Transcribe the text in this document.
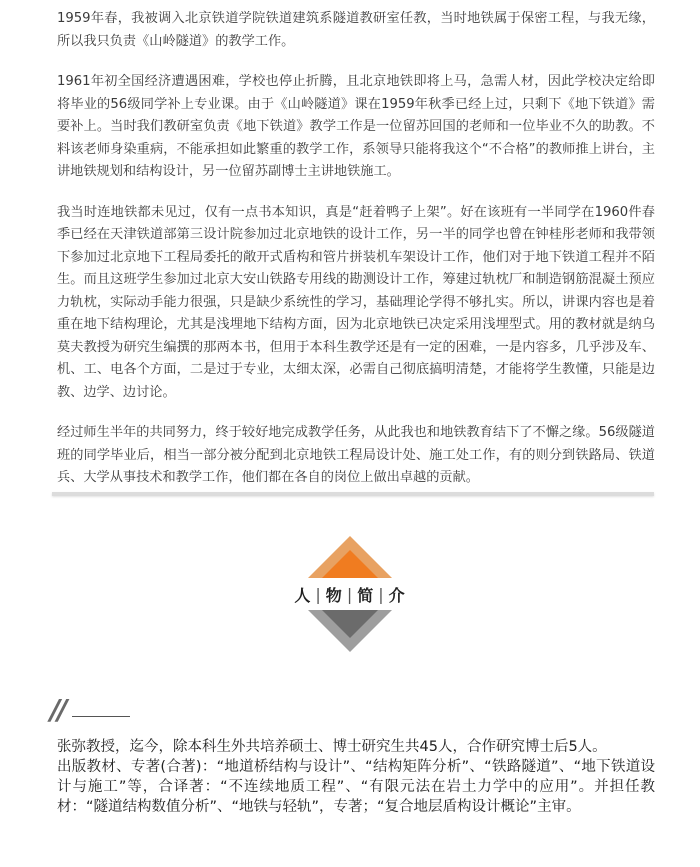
1959年春，我被调入北京铁道学院铁道建筑系隧道教研室任教，当时地铁属于保密工程，与我无缘，所以我只负责《山岭隧道》的教学工作。

1961年初全国经济遭遇困难，学校也停止折腾，且北京地铁即将上马，急需人材，因此学校决定给即将毕业的56级同学补上专业课。由于《山岭隧道》课在1959年秋季已经上过，只剩下《地下铁道》需要补上。当时我们教研室负责《地下铁道》教学工作是一位留苏回国的老师和一位毕业不久的助教。不料该老师身染重病，不能承担如此繁重的教学工作，系领导只能将我这个“不合格”的教师推上讲台，主讲地铁规划和结构设计，另一位留苏副博士主讲地铁施工。

我当时连地铁都未见过，仅有一点书本知识，真是“赶着鸭子上架”。好在该班有一半同学在1960件春季已经在天津铁道部第三设计院参加过北京地铁的设计工作，另一半的同学也曾在钟桂彤老师和我带领下参加过北京地下工程局委托的敞开式盾构和管片拼装机车架设计工作，他们对于地下铁道工程并不陌生。而且这班学生参加过北京大安山铁路专用线的勘测设计工作，筹建过轨枕厂和制造钢筋混凝土预应力轨枕，实际动手能力很强，只是缺少系统性的学习，基础理论学得不够扎实。所以，讲课内容也是着重在地下结构理论，尤其是浅埋地下结构方面，因为北京地铁已决定采用浅埋型式。用的教材就是纳乌莫夫教授为研究生编撰的那两本书，但用于本科生教学还是有一定的困难，一是内容多，几乎涉及车、机、工、电各个方面，二是过于专业，太细太深，必需自己彻底搞明清楚，才能将学生教懂，只能是边教、边学、边讨论。

经过师生半年的共同努力，终于较好地完成教学任务，从此我也和地铁教育结下了不懈之缘。56级隧道班的同学毕业后，相当一部分被分配到北京地铁工程局设计处、施工处工作，有的则分到铁路局、铁道兵、大学从事技术和教学工作，他们都在各自的岗位上做出卓越的贡献。

人 | 物 | 简 | 介
//

张弥教授，迄今，除本科生外共培养硕士、博士研究生共45人，合作研究博士后5人。

出版教材、专著(合著)：“地道桥结构与设计”、“结构矩阵分析”、“铁路隧道”、“地下铁道设计与施工”等，合译著：“不连续地质工程”、“有限元法在岩土力学中的应用”。并担任教材：“隧道结构数值分析”、“地铁与轻轨”，专著；“复合地层盾构设计概论”主审。
